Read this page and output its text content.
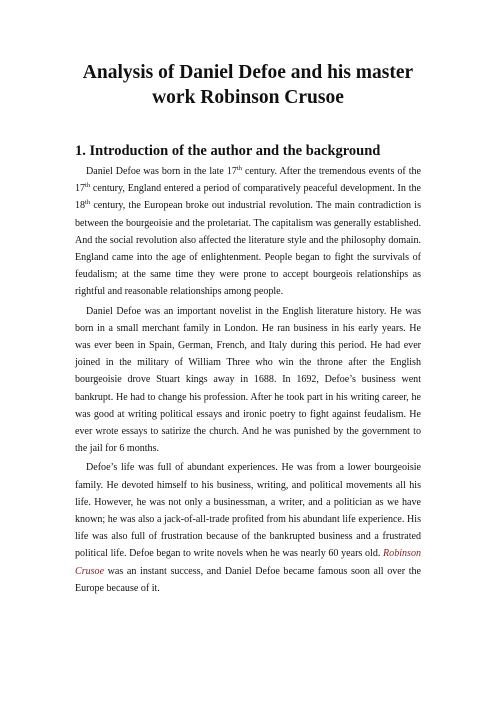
Analysis of Daniel Defoe and his master
work Robinson Crusoe
1. Introduction of the author and the background

Daniel Defoe was born in the late 17th century. After the tremendous events of the 17th century, England entered a period of comparatively peaceful development. In the 18th century, the European broke out industrial revolution. The main contradiction is between the bourgeoisie and the proletariat. The capitalism was generally established. And the social revolution also affected the literature style and the philosophy domain. England came into the age of enlightenment. People began to fight the survivals of feudalism; at the same time they were prone to accept bourgeois relationships as rightful and reasonable relationships among people.

Daniel Defoe was an important novelist in the English literature history. He was born in a small merchant family in London. He ran business in his early years. He was ever been in Spain, German, French, and Italy during this period. He had ever joined in the military of William Three who win the throne after the English bourgeoisie drove Stuart kings away in 1688. In 1692, Defoe’s business went bankrupt. He had to change his profession. After he took part in his writing career, he was good at writing political essays and ironic poetry to fight against feudalism. He ever wrote essays to satirize the church. And he was punished by the government to the jail for 6 months.

Defoe’s life was full of abundant experiences. He was from a lower bourgeoisie family. He devoted himself to his business, writing, and political movements all his life. However, he was not only a businessman, a writer, and a politician as we have known; he was also a jack-of-all-trade profited from his abundant life experience. His life was also full of frustration because of the bankrupted business and a frustrated political life. Defoe began to write novels when he was nearly 60 years old. Robinson Crusoe was an instant success, and Daniel Defoe became famous soon all over the Europe because of it.
